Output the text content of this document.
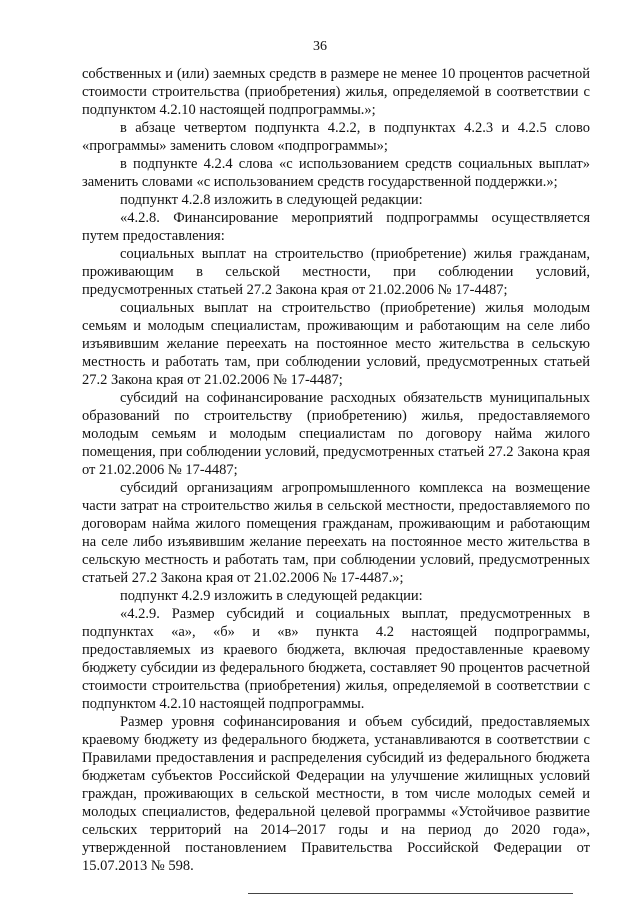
36

собственных и (или) заемных средств в размере не менее 10 процентов расчетной стоимости строительства (приобретения) жилья, определяемой в соответствии с подпунктом 4.2.10 настоящей подпрограммы.»;

в абзаце четвертом подпункта 4.2.2, в подпунктах 4.2.3 и 4.2.5 слово «программы» заменить словом «подпрограммы»;

в подпункте 4.2.4 слова «с использованием средств социальных выплат» заменить словами «с использованием средств государственной поддержки.»;

подпункт 4.2.8 изложить в следующей редакции:

«4.2.8. Финансирование мероприятий подпрограммы осуществляется путем предоставления:

социальных выплат на строительство (приобретение) жилья гражданам, проживающим в сельской местности, при соблюдении условий, предусмотренных статьей 27.2 Закона края от 21.02.2006 № 17-4487;

социальных выплат на строительство (приобретение) жилья молодым семьям и молодым специалистам, проживающим и работающим на селе либо изъявившим желание переехать на постоянное место жительства в сельскую местность и работать там, при соблюдении условий, предусмотренных статьей 27.2 Закона края от 21.02.2006 № 17-4487;

субсидий на софинансирование расходных обязательств муниципальных образований по строительству (приобретению) жилья, предоставляемого молодым семьям и молодым специалистам по договору найма жилого помещения, при соблюдении условий, предусмотренных статьей 27.2 Закона края от 21.02.2006 № 17-4487;

субсидий организациям агропромышленного комплекса на возмещение части затрат на строительство жилья в сельской местности, предоставляемого по договорам найма жилого помещения гражданам, проживающим и работающим на селе либо изъявившим желание переехать на постоянное место жительства в сельскую местность и работать там, при соблюдении условий, предусмотренных статьей 27.2 Закона края от 21.02.2006 № 17-4487.»;

подпункт 4.2.9 изложить в следующей редакции:

«4.2.9. Размер субсидий и социальных выплат, предусмотренных в подпунктах «а», «б» и «в» пункта 4.2 настоящей подпрограммы, предоставляемых из краевого бюджета, включая предоставленные краевому бюджету субсидии из федерального бюджета, составляет 90 процентов расчетной стоимости строительства (приобретения) жилья, определяемой в соответствии с подпунктом 4.2.10 настоящей подпрограммы.

Размер уровня софинансирования и объем субсидий, предоставляемых краевому бюджету из федерального бюджета, устанавливаются в соответствии с Правилами предоставления и распределения субсидий из федерального бюджета бюджетам субъектов Российской Федерации на улучшение жилищных условий граждан, проживающих в сельской местности, в том числе молодых семей и молодых специалистов, федеральной целевой программы «Устойчивое развитие сельских территорий на 2014–2017 годы и на период до 2020 года», утвержденной постановлением Правительства Российской Федерации от 15.07.2013 № 598.
